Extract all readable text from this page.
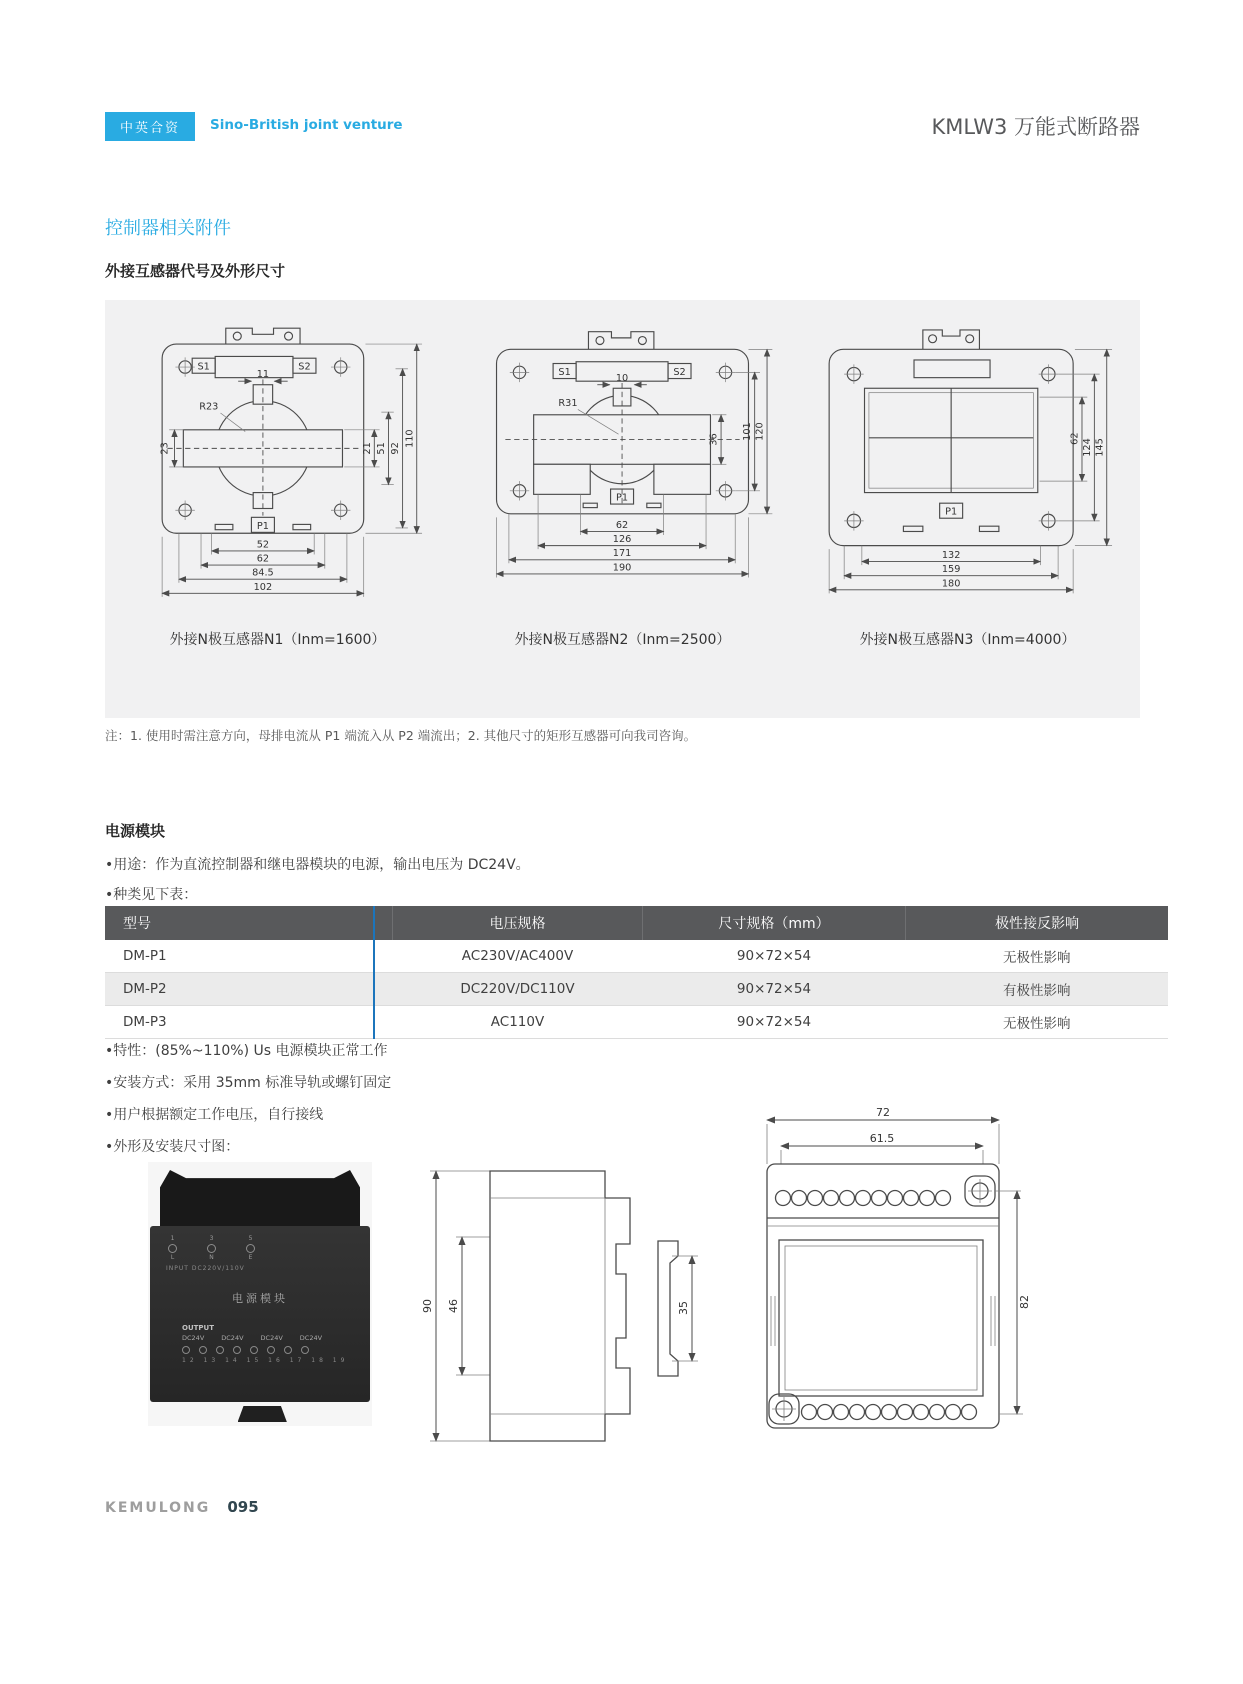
中英合资	Sino-British joint venture	KMLW3 万能式断路器
控制器相关附件
外接互感器代号及外形尺寸
S1	S2
R23
P1
11
23	21 51 92
110
52
62
84.5
102
外接N极互感器N1（Inm=1600）
S1	S2
R31
P1
10
36 101 120
62
126
171
190
外接N极互感器N2（Inm=2500）
P1
62 124 145
132
159
180
外接N极互感器N3（Inm=4000）
注：1. 使用时需注意方向，母排电流从 P1 端流入从 P2 端流出；2. 其他尺寸的矩形互感器可向我司咨询。
电源模块
•用途：作为直流控制器和继电器模块的电源，输出电压为 DC24V。
•种类见下表：
型号	电压规格	尺寸规格（mm）	极性接反影响
DM-P1	AC230V/AC400V	90×72×54	无极性影响
DM-P2	DC220V/DC110V	90×72×54	有极性影响
DM-P3	AC110V	90×72×54	无极性影响
•特性：(85%~110%) Us 电源模块正常工作
•安装方式：采用 35mm 标准导轨或螺钉固定
•用户根据额定工作电压，自行接线
•外形及安装尺寸图：
1
L
3
N
5
E
INPUT DC220V/110V
电源模块
OUTPUT
DC24V	DC24V	DC24V	DC24V
12 13 14 15 16 17 18 19
90 46	35
72
61.5
82
KEMULONG 095
